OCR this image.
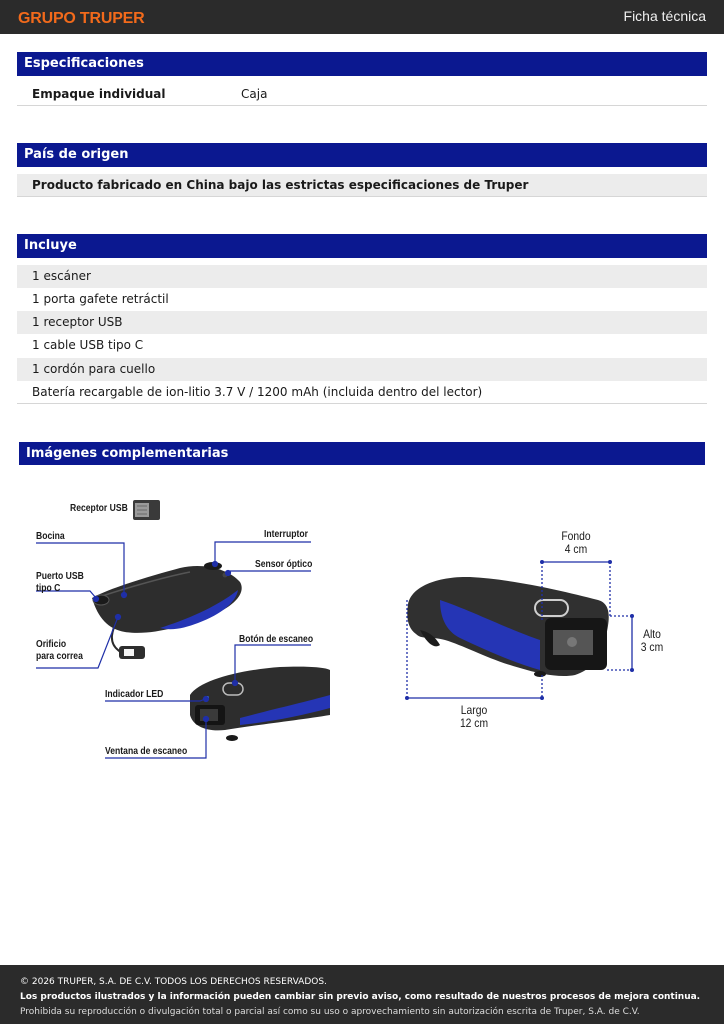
GRUPO TRUPER	Ficha técnica
Especificaciones
Empaque individual	Caja
País de origen
Producto fabricado en China bajo las estrictas especificaciones de Truper
Incluye
1 escáner
1 porta gafete retráctil
1 receptor USB
1 cable USB tipo C
1 cordón para cuello
Batería recargable de ion-litio 3.7 V / 1200 mAh (incluida dentro del lector)
Imágenes complementarias
Receptor USB
Bocina	Interruptor
Sensor óptico
Puerto USB
tipo C
Orificio
para correa
Botón de escaneo
Indicador LED
Ventana de escaneo
Fondo
4 cm
Alto
3 cm
Largo
12 cm
© 2026 TRUPER, S.A. DE C.V. TODOS LOS DERECHOS RESERVADOS.
Los productos ilustrados y la información pueden cambiar sin previo aviso, como resultado de nuestros procesos de mejora continua.
Prohibida su reproducción o divulgación total o parcial así como su uso o aprovechamiento sin autorización escrita de Truper, S.A. de C.V.
